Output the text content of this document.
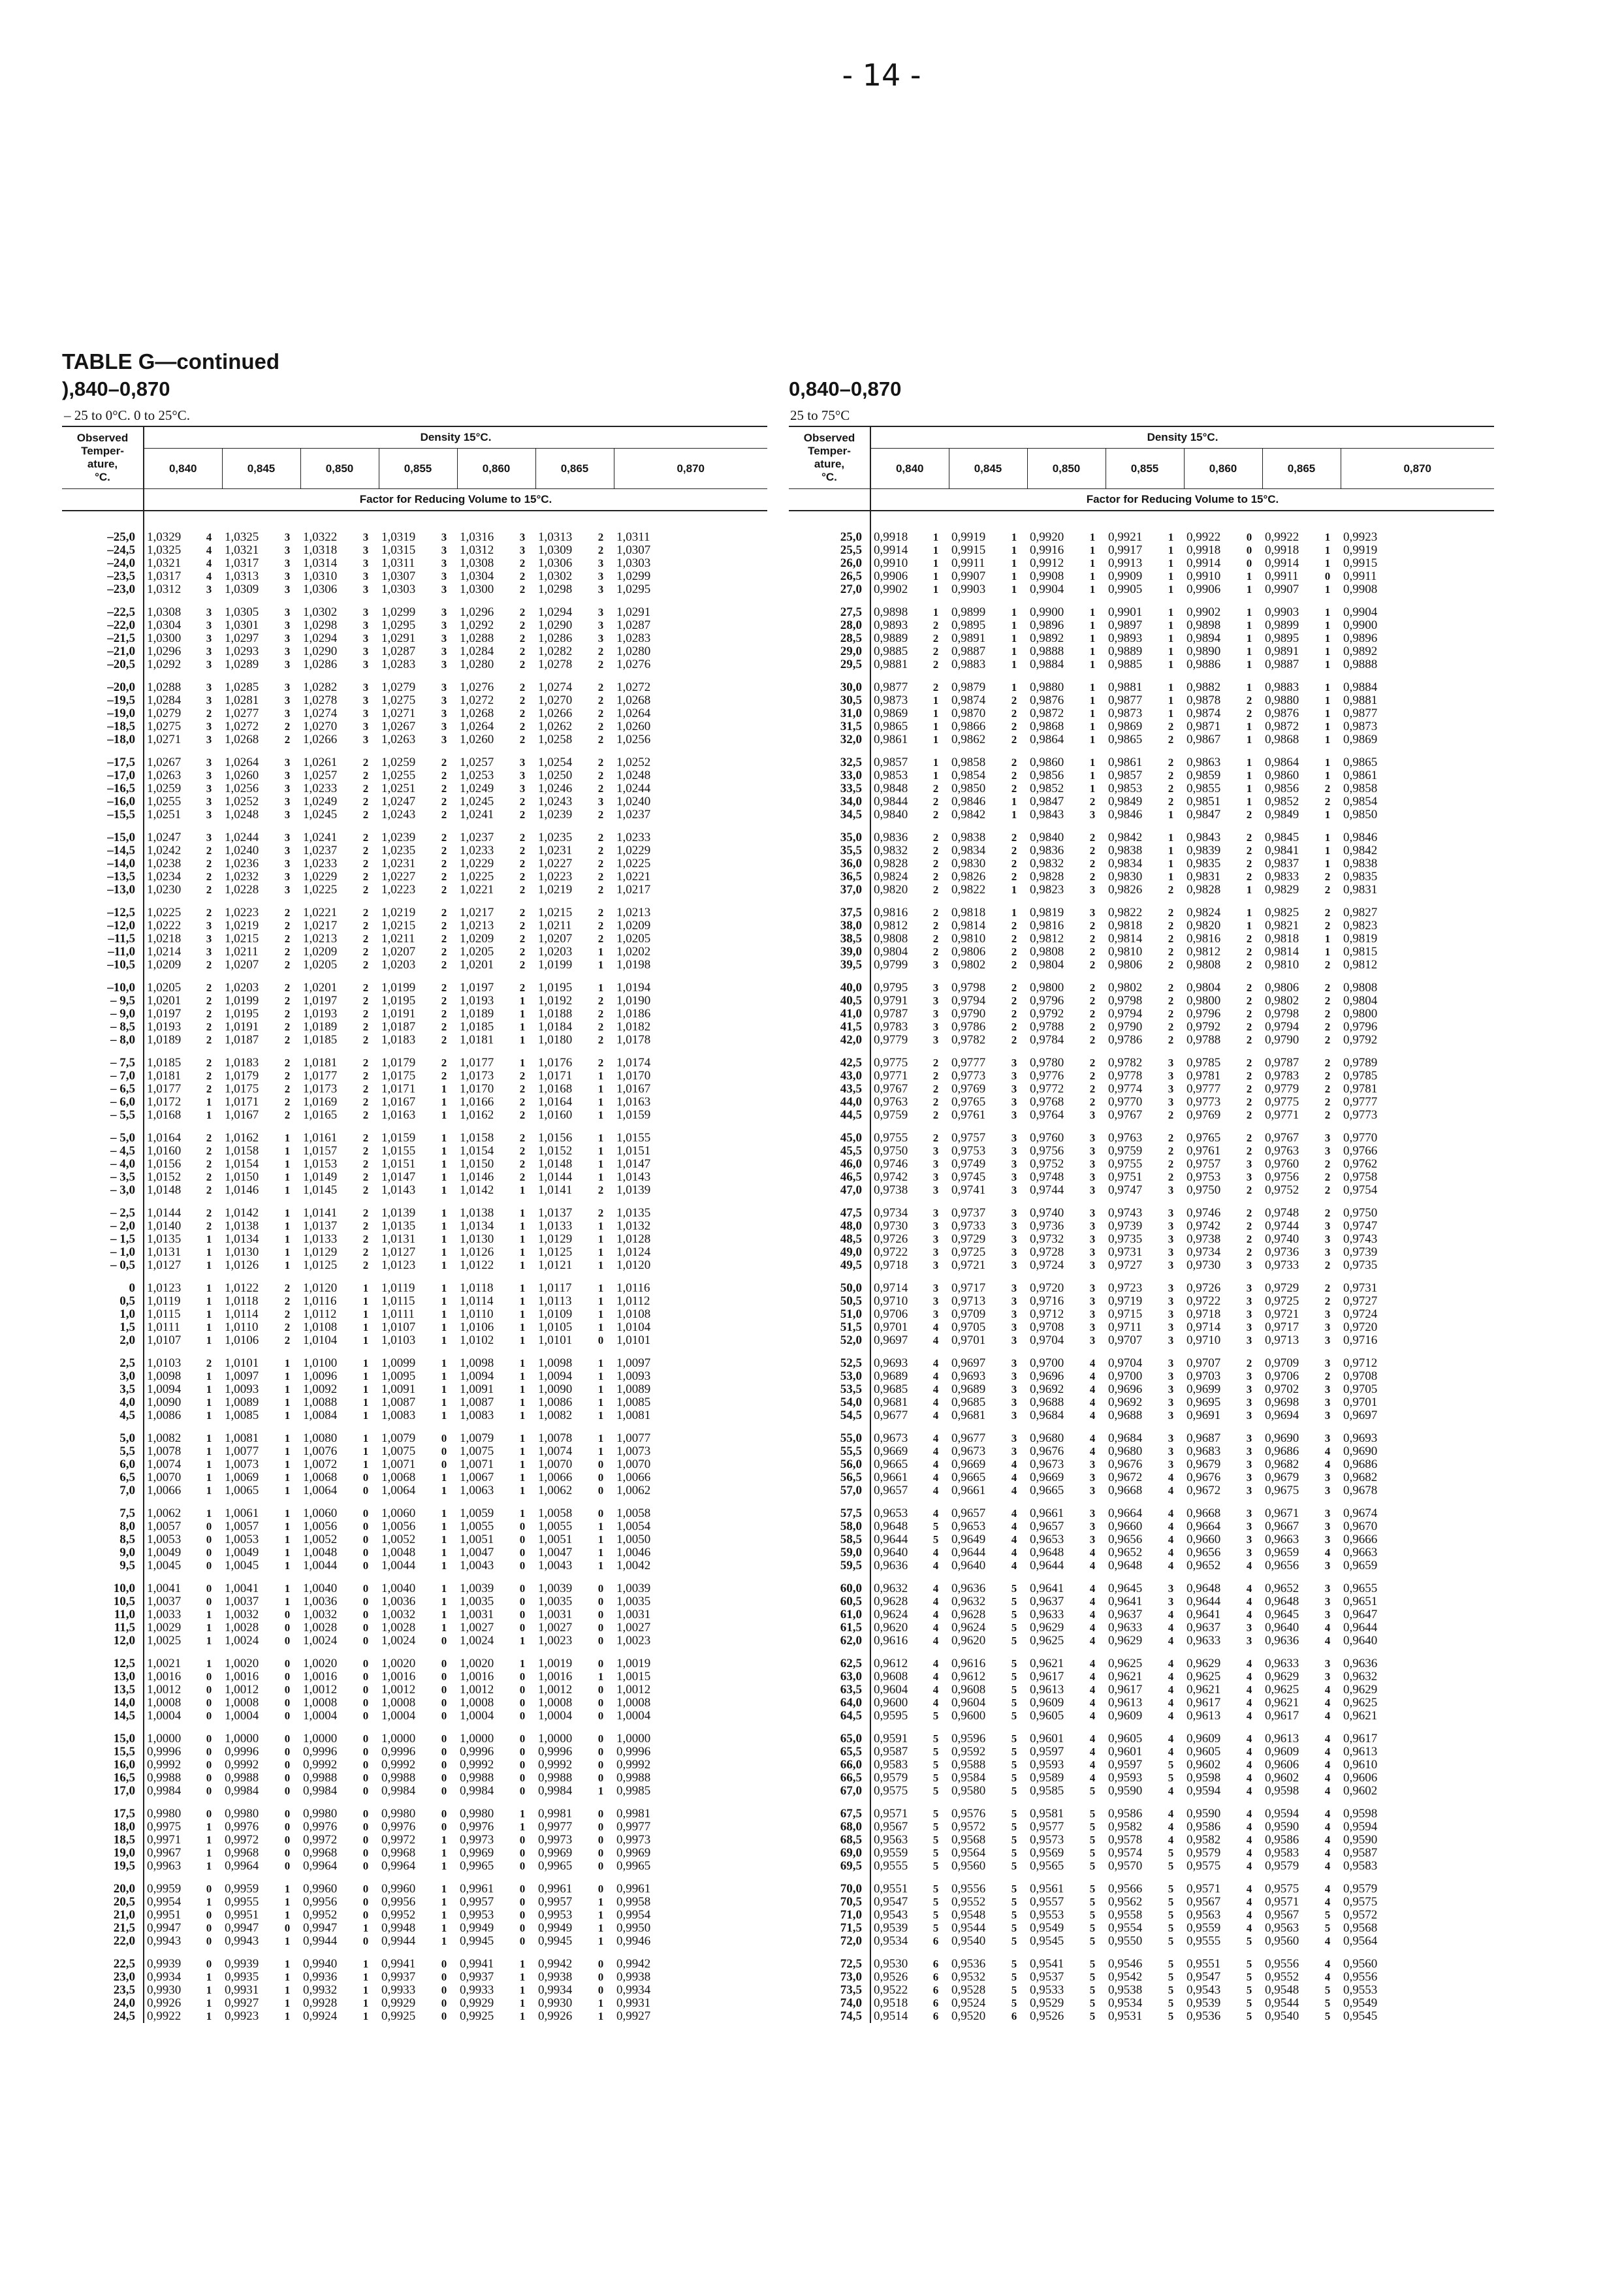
- 14 -
TABLE G—continued
),840–0,870
– 25 to 0°C. 0 to 25°C.
0,840–0,870
25 to 75°C
Observed
Temper-
ature,
°C.	Density 15°C.												
	0,840		0,845		0,850		0,855		0,860		0,865		0,870
	Factor for Reducing Volume to 15°C.												

–25,0	1,0329	4	1,0325	3	1,0322	3	1,0319	3	1,0316	3	1,0313	2	1,0311
–24,5	1,0325	4	1,0321	3	1,0318	3	1,0315	3	1,0312	3	1,0309	2	1,0307
–24,0	1,0321	4	1,0317	3	1,0314	3	1,0311	3	1,0308	2	1,0306	3	1,0303
–23,5	1,0317	4	1,0313	3	1,0310	3	1,0307	3	1,0304	2	1,0302	3	1,0299
–23,0	1,0312	3	1,0309	3	1,0306	3	1,0303	3	1,0300	2	1,0298	3	1,0295
–22,5	1,0308	3	1,0305	3	1,0302	3	1,0299	3	1,0296	2	1,0294	3	1,0291
–22,0	1,0304	3	1,0301	3	1,0298	3	1,0295	3	1,0292	2	1,0290	3	1,0287
–21,5	1,0300	3	1,0297	3	1,0294	3	1,0291	3	1,0288	2	1,0286	3	1,0283
–21,0	1,0296	3	1,0293	3	1,0290	3	1,0287	3	1,0284	2	1,0282	2	1,0280
–20,5	1,0292	3	1,0289	3	1,0286	3	1,0283	3	1,0280	2	1,0278	2	1,0276
–20,0	1,0288	3	1,0285	3	1,0282	3	1,0279	3	1,0276	2	1,0274	2	1,0272
–19,5	1,0284	3	1,0281	3	1,0278	3	1,0275	3	1,0272	2	1,0270	2	1,0268
–19,0	1,0279	2	1,0277	3	1,0274	3	1,0271	3	1,0268	2	1,0266	2	1,0264
–18,5	1,0275	3	1,0272	2	1,0270	3	1,0267	3	1,0264	2	1,0262	2	1,0260
–18,0	1,0271	3	1,0268	2	1,0266	3	1,0263	3	1,0260	2	1,0258	2	1,0256
–17,5	1,0267	3	1,0264	3	1,0261	2	1,0259	2	1,0257	3	1,0254	2	1,0252
–17,0	1,0263	3	1,0260	3	1,0257	2	1,0255	2	1,0253	3	1,0250	2	1,0248
–16,5	1,0259	3	1,0256	3	1,0233	2	1,0251	2	1,0249	3	1,0246	2	1,0244
–16,0	1,0255	3	1,0252	3	1,0249	2	1,0247	2	1,0245	2	1,0243	3	1,0240
–15,5	1,0251	3	1,0248	3	1,0245	2	1,0243	2	1,0241	2	1,0239	2	1,0237
–15,0	1,0247	3	1,0244	3	1,0241	2	1,0239	2	1,0237	2	1,0235	2	1,0233
–14,5	1,0242	2	1,0240	3	1,0237	2	1,0235	2	1,0233	2	1,0231	2	1,0229
–14,0	1,0238	2	1,0236	3	1,0233	2	1,0231	2	1,0229	2	1,0227	2	1,0225
–13,5	1,0234	2	1,0232	3	1,0229	2	1,0227	2	1,0225	2	1,0223	2	1,0221
–13,0	1,0230	2	1,0228	3	1,0225	2	1,0223	2	1,0221	2	1,0219	2	1,0217
–12,5	1,0225	2	1,0223	2	1,0221	2	1,0219	2	1,0217	2	1,0215	2	1,0213
–12,0	1,0222	3	1,0219	2	1,0217	2	1,0215	2	1,0213	2	1,0211	2	1,0209
–11,5	1,0218	3	1,0215	2	1,0213	2	1,0211	2	1,0209	2	1,0207	2	1,0205
–11,0	1,0214	3	1,0211	2	1,0209	2	1,0207	2	1,0205	2	1,0203	1	1,0202
–10,5	1,0209	2	1,0207	2	1,0205	2	1,0203	2	1,0201	2	1,0199	1	1,0198
–10,0	1,0205	2	1,0203	2	1,0201	2	1,0199	2	1,0197	2	1,0195	1	1,0194
– 9,5	1,0201	2	1,0199	2	1,0197	2	1,0195	2	1,0193	1	1,0192	2	1,0190
– 9,0	1,0197	2	1,0195	2	1,0193	2	1,0191	2	1,0189	1	1,0188	2	1,0186
– 8,5	1,0193	2	1,0191	2	1,0189	2	1,0187	2	1,0185	1	1,0184	2	1,0182
– 8,0	1,0189	2	1,0187	2	1,0185	2	1,0183	2	1,0181	1	1,0180	2	1,0178
– 7,5	1,0185	2	1,0183	2	1,0181	2	1,0179	2	1,0177	1	1,0176	2	1,0174
– 7,0	1,0181	2	1,0179	2	1,0177	2	1,0175	2	1,0173	2	1,0171	1	1,0170
– 6,5	1,0177	2	1,0175	2	1,0173	2	1,0171	1	1,0170	2	1,0168	1	1,0167
– 6,0	1,0172	1	1,0171	2	1,0169	2	1,0167	1	1,0166	2	1,0164	1	1,0163
– 5,5	1,0168	1	1,0167	2	1,0165	2	1,0163	1	1,0162	2	1,0160	1	1,0159
– 5,0	1,0164	2	1,0162	1	1,0161	2	1,0159	1	1,0158	2	1,0156	1	1,0155
– 4,5	1,0160	2	1,0158	1	1,0157	2	1,0155	1	1,0154	2	1,0152	1	1,0151
– 4,0	1,0156	2	1,0154	1	1,0153	2	1,0151	1	1,0150	2	1,0148	1	1,0147
– 3,5	1,0152	2	1,0150	1	1,0149	2	1,0147	1	1,0146	2	1,0144	1	1,0143
– 3,0	1,0148	2	1,0146	1	1,0145	2	1,0143	1	1,0142	1	1,0141	2	1,0139
– 2,5	1,0144	2	1,0142	1	1,0141	2	1,0139	1	1,0138	1	1,0137	2	1,0135
– 2,0	1,0140	2	1,0138	1	1,0137	2	1,0135	1	1,0134	1	1,0133	1	1,0132
– 1,5	1,0135	1	1,0134	1	1,0133	2	1,0131	1	1,0130	1	1,0129	1	1,0128
– 1,0	1,0131	1	1,0130	1	1,0129	2	1,0127	1	1,0126	1	1,0125	1	1,0124
– 0,5	1,0127	1	1,0126	1	1,0125	2	1,0123	1	1,0122	1	1,0121	1	1,0120
0	1,0123	1	1,0122	2	1,0120	1	1,0119	1	1,0118	1	1,0117	1	1,0116
0,5	1,0119	1	1,0118	2	1,0116	1	1,0115	1	1,0114	1	1,0113	1	1,0112
1,0	1,0115	1	1,0114	2	1,0112	1	1,0111	1	1,0110	1	1,0109	1	1,0108
1,5	1,0111	1	1,0110	2	1,0108	1	1,0107	1	1,0106	1	1,0105	1	1,0104
2,0	1,0107	1	1,0106	2	1,0104	1	1,0103	1	1,0102	1	1,0101	0	1,0101
2,5	1,0103	2	1,0101	1	1,0100	1	1,0099	1	1,0098	1	1,0098	1	1,0097
3,0	1,0098	1	1,0097	1	1,0096	1	1,0095	1	1,0094	1	1,0094	1	1,0093
3,5	1,0094	1	1,0093	1	1,0092	1	1,0091	1	1,0091	1	1,0090	1	1,0089
4,0	1,0090	1	1,0089	1	1,0088	1	1,0087	1	1,0087	1	1,0086	1	1,0085
4,5	1,0086	1	1,0085	1	1,0084	1	1,0083	1	1,0083	1	1,0082	1	1,0081
5,0	1,0082	1	1,0081	1	1,0080	1	1,0079	0	1,0079	1	1,0078	1	1,0077
5,5	1,0078	1	1,0077	1	1,0076	1	1,0075	0	1,0075	1	1,0074	1	1,0073
6,0	1,0074	1	1,0073	1	1,0072	1	1,0071	0	1,0071	1	1,0070	0	1,0070
6,5	1,0070	1	1,0069	1	1,0068	0	1,0068	1	1,0067	1	1,0066	0	1,0066
7,0	1,0066	1	1,0065	1	1,0064	0	1,0064	1	1,0063	1	1,0062	0	1,0062
7,5	1,0062	1	1,0061	1	1,0060	0	1,0060	1	1,0059	1	1,0058	0	1,0058
8,0	1,0057	0	1,0057	1	1,0056	0	1,0056	1	1,0055	0	1,0055	1	1,0054
8,5	1,0053	0	1,0053	1	1,0052	0	1,0052	1	1,0051	0	1,0051	1	1,0050
9,0	1,0049	0	1,0049	1	1,0048	0	1,0048	1	1,0047	0	1,0047	1	1,0046
9,5	1,0045	0	1,0045	1	1,0044	0	1,0044	1	1,0043	0	1,0043	1	1,0042
10,0	1,0041	0	1,0041	1	1,0040	0	1,0040	1	1,0039	0	1,0039	0	1,0039
10,5	1,0037	0	1,0037	1	1,0036	0	1,0036	1	1,0035	0	1,0035	0	1,0035
11,0	1,0033	1	1,0032	0	1,0032	0	1,0032	1	1,0031	0	1,0031	0	1,0031
11,5	1,0029	1	1,0028	0	1,0028	0	1,0028	1	1,0027	0	1,0027	0	1,0027
12,0	1,0025	1	1,0024	0	1,0024	0	1,0024	0	1,0024	1	1,0023	0	1,0023
12,5	1,0021	1	1,0020	0	1,0020	0	1,0020	0	1,0020	1	1,0019	0	1,0019
13,0	1,0016	0	1,0016	0	1,0016	0	1,0016	0	1,0016	0	1,0016	1	1,0015
13,5	1,0012	0	1,0012	0	1,0012	0	1,0012	0	1,0012	0	1,0012	0	1,0012
14,0	1,0008	0	1,0008	0	1,0008	0	1,0008	0	1,0008	0	1,0008	0	1,0008
14,5	1,0004	0	1,0004	0	1,0004	0	1,0004	0	1,0004	0	1,0004	0	1,0004
15,0	1,0000	0	1,0000	0	1,0000	0	1,0000	0	1,0000	0	1,0000	0	1,0000
15,5	0,9996	0	0,9996	0	0,9996	0	0,9996	0	0,9996	0	0,9996	0	0,9996
16,0	0,9992	0	0,9992	0	0,9992	0	0,9992	0	0,9992	0	0,9992	0	0,9992
16,5	0,9988	0	0,9988	0	0,9988	0	0,9988	0	0,9988	0	0,9988	0	0,9988
17,0	0,9984	0	0,9984	0	0,9984	0	0,9984	0	0,9984	0	0,9984	1	0,9985
17,5	0,9980	0	0,9980	0	0,9980	0	0,9980	0	0,9980	1	0,9981	0	0,9981
18,0	0,9975	1	0,9976	0	0,9976	0	0,9976	0	0,9976	1	0,9977	0	0,9977
18,5	0,9971	1	0,9972	0	0,9972	0	0,9972	1	0,9973	0	0,9973	0	0,9973
19,0	0,9967	1	0,9968	0	0,9968	0	0,9968	1	0,9969	0	0,9969	0	0,9969
19,5	0,9963	1	0,9964	0	0,9964	0	0,9964	1	0,9965	0	0,9965	0	0,9965
20,0	0,9959	0	0,9959	1	0,9960	0	0,9960	1	0,9961	0	0,9961	0	0,9961
20,5	0,9954	1	0,9955	1	0,9956	0	0,9956	1	0,9957	0	0,9957	1	0,9958
21,0	0,9951	0	0,9951	1	0,9952	0	0,9952	1	0,9953	0	0,9953	1	0,9954
21,5	0,9947	0	0,9947	0	0,9947	1	0,9948	1	0,9949	0	0,9949	1	0,9950
22,0	0,9943	0	0,9943	1	0,9944	0	0,9944	1	0,9945	0	0,9945	1	0,9946
22,5	0,9939	0	0,9939	1	0,9940	1	0,9941	0	0,9941	1	0,9942	0	0,9942
23,0	0,9934	1	0,9935	1	0,9936	1	0,9937	0	0,9937	1	0,9938	0	0,9938
23,5	0,9930	1	0,9931	1	0,9932	1	0,9933	0	0,9933	1	0,9934	0	0,9934
24,0	0,9926	1	0,9927	1	0,9928	1	0,9929	0	0,9929	1	0,9930	1	0,9931
24,5	0,9922	1	0,9923	1	0,9924	1	0,9925	0	0,9925	1	0,9926	1	0,9927
Observed
Temper-
ature,
°C.	Density 15°C.												
	0,840		0,845		0,850		0,855		0,860		0,865		0,870
	Factor for Reducing Volume to 15°C.												

25,0	0,9918	1	0,9919	1	0,9920	1	0,9921	1	0,9922	0	0,9922	1	0,9923
25,5	0,9914	1	0,9915	1	0,9916	1	0,9917	1	0,9918	0	0,9918	1	0,9919
26,0	0,9910	1	0,9911	1	0,9912	1	0,9913	1	0,9914	0	0,9914	1	0,9915
26,5	0,9906	1	0,9907	1	0,9908	1	0,9909	1	0,9910	1	0,9911	0	0,9911
27,0	0,9902	1	0,9903	1	0,9904	1	0,9905	1	0,9906	1	0,9907	1	0,9908
27,5	0,9898	1	0,9899	1	0,9900	1	0,9901	1	0,9902	1	0,9903	1	0,9904
28,0	0,9893	2	0,9895	1	0,9896	1	0,9897	1	0,9898	1	0,9899	1	0,9900
28,5	0,9889	2	0,9891	1	0,9892	1	0,9893	1	0,9894	1	0,9895	1	0,9896
29,0	0,9885	2	0,9887	1	0,9888	1	0,9889	1	0,9890	1	0,9891	1	0,9892
29,5	0,9881	2	0,9883	1	0,9884	1	0,9885	1	0,9886	1	0,9887	1	0,9888
30,0	0,9877	2	0,9879	1	0,9880	1	0,9881	1	0,9882	1	0,9883	1	0,9884
30,5	0,9873	1	0,9874	2	0,9876	1	0,9877	1	0,9878	2	0,9880	1	0,9881
31,0	0,9869	1	0,9870	2	0,9872	1	0,9873	1	0,9874	2	0,9876	1	0,9877
31,5	0,9865	1	0,9866	2	0,9868	1	0,9869	2	0,9871	1	0,9872	1	0,9873
32,0	0,9861	1	0,9862	2	0,9864	1	0,9865	2	0,9867	1	0,9868	1	0,9869
32,5	0,9857	1	0,9858	2	0,9860	1	0,9861	2	0,9863	1	0,9864	1	0,9865
33,0	0,9853	1	0,9854	2	0,9856	1	0,9857	2	0,9859	1	0,9860	1	0,9861
33,5	0,9848	2	0,9850	2	0,9852	1	0,9853	2	0,9855	1	0,9856	2	0,9858
34,0	0,9844	2	0,9846	1	0,9847	2	0,9849	2	0,9851	1	0,9852	2	0,9854
34,5	0,9840	2	0,9842	1	0,9843	3	0,9846	1	0,9847	2	0,9849	1	0,9850
35,0	0,9836	2	0,9838	2	0,9840	2	0,9842	1	0,9843	2	0,9845	1	0,9846
35,5	0,9832	2	0,9834	2	0,9836	2	0,9838	1	0,9839	2	0,9841	1	0,9842
36,0	0,9828	2	0,9830	2	0,9832	2	0,9834	1	0,9835	2	0,9837	1	0,9838
36,5	0,9824	2	0,9826	2	0,9828	2	0,9830	1	0,9831	2	0,9833	2	0,9835
37,0	0,9820	2	0,9822	1	0,9823	3	0,9826	2	0,9828	1	0,9829	2	0,9831
37,5	0,9816	2	0,9818	1	0,9819	3	0,9822	2	0,9824	1	0,9825	2	0,9827
38,0	0,9812	2	0,9814	2	0,9816	2	0,9818	2	0,9820	1	0,9821	2	0,9823
38,5	0,9808	2	0,9810	2	0,9812	2	0,9814	2	0,9816	2	0,9818	1	0,9819
39,0	0,9804	2	0,9806	2	0,9808	2	0,9810	2	0,9812	2	0,9814	1	0,9815
39,5	0,9799	3	0,9802	2	0,9804	2	0,9806	2	0,9808	2	0,9810	2	0,9812
40,0	0,9795	3	0,9798	2	0,9800	2	0,9802	2	0,9804	2	0,9806	2	0,9808
40,5	0,9791	3	0,9794	2	0,9796	2	0,9798	2	0,9800	2	0,9802	2	0,9804
41,0	0,9787	3	0,9790	2	0,9792	2	0,9794	2	0,9796	2	0,9798	2	0,9800
41,5	0,9783	3	0,9786	2	0,9788	2	0,9790	2	0,9792	2	0,9794	2	0,9796
42,0	0,9779	3	0,9782	2	0,9784	2	0,9786	2	0,9788	2	0,9790	2	0,9792
42,5	0,9775	2	0,9777	3	0,9780	2	0,9782	3	0,9785	2	0,9787	2	0,9789
43,0	0,9771	2	0,9773	3	0,9776	2	0,9778	3	0,9781	2	0,9783	2	0,9785
43,5	0,9767	2	0,9769	3	0,9772	2	0,9774	3	0,9777	2	0,9779	2	0,9781
44,0	0,9763	2	0,9765	3	0,9768	2	0,9770	3	0,9773	2	0,9775	2	0,9777
44,5	0,9759	2	0,9761	3	0,9764	3	0,9767	2	0,9769	2	0,9771	2	0,9773
45,0	0,9755	2	0,9757	3	0,9760	3	0,9763	2	0,9765	2	0,9767	3	0,9770
45,5	0,9750	3	0,9753	3	0,9756	3	0,9759	2	0,9761	2	0,9763	3	0,9766
46,0	0,9746	3	0,9749	3	0,9752	3	0,9755	2	0,9757	3	0,9760	2	0,9762
46,5	0,9742	3	0,9745	3	0,9748	3	0,9751	2	0,9753	3	0,9756	2	0,9758
47,0	0,9738	3	0,9741	3	0,9744	3	0,9747	3	0,9750	2	0,9752	2	0,9754
47,5	0,9734	3	0,9737	3	0,9740	3	0,9743	3	0,9746	2	0,9748	2	0,9750
48,0	0,9730	3	0,9733	3	0,9736	3	0,9739	3	0,9742	2	0,9744	3	0,9747
48,5	0,9726	3	0,9729	3	0,9732	3	0,9735	3	0,9738	2	0,9740	3	0,9743
49,0	0,9722	3	0,9725	3	0,9728	3	0,9731	3	0,9734	2	0,9736	3	0,9739
49,5	0,9718	3	0,9721	3	0,9724	3	0,9727	3	0,9730	3	0,9733	2	0,9735
50,0	0,9714	3	0,9717	3	0,9720	3	0,9723	3	0,9726	3	0,9729	2	0,9731
50,5	0,9710	3	0,9713	3	0,9716	3	0,9719	3	0,9722	3	0,9725	2	0,9727
51,0	0,9706	3	0,9709	3	0,9712	3	0,9715	3	0,9718	3	0,9721	3	0,9724
51,5	0,9701	4	0,9705	3	0,9708	3	0,9711	3	0,9714	3	0,9717	3	0,9720
52,0	0,9697	4	0,9701	3	0,9704	3	0,9707	3	0,9710	3	0,9713	3	0,9716
52,5	0,9693	4	0,9697	3	0,9700	4	0,9704	3	0,9707	2	0,9709	3	0,9712
53,0	0,9689	4	0,9693	3	0,9696	4	0,9700	3	0,9703	3	0,9706	2	0,9708
53,5	0,9685	4	0,9689	3	0,9692	4	0,9696	3	0,9699	3	0,9702	3	0,9705
54,0	0,9681	4	0,9685	3	0,9688	4	0,9692	3	0,9695	3	0,9698	3	0,9701
54,5	0,9677	4	0,9681	3	0,9684	4	0,9688	3	0,9691	3	0,9694	3	0,9697
55,0	0,9673	4	0,9677	3	0,9680	4	0,9684	3	0,9687	3	0,9690	3	0,9693
55,5	0,9669	4	0,9673	3	0,9676	4	0,9680	3	0,9683	3	0,9686	4	0,9690
56,0	0,9665	4	0,9669	4	0,9673	3	0,9676	3	0,9679	3	0,9682	4	0,9686
56,5	0,9661	4	0,9665	4	0,9669	3	0,9672	4	0,9676	3	0,9679	3	0,9682
57,0	0,9657	4	0,9661	4	0,9665	3	0,9668	4	0,9672	3	0,9675	3	0,9678
57,5	0,9653	4	0,9657	4	0,9661	3	0,9664	4	0,9668	3	0,9671	3	0,9674
58,0	0,9648	5	0,9653	4	0,9657	3	0,9660	4	0,9664	3	0,9667	3	0,9670
58,5	0,9644	5	0,9649	4	0,9653	3	0,9656	4	0,9660	3	0,9663	3	0,9666
59,0	0,9640	4	0,9644	4	0,9648	4	0,9652	4	0,9656	3	0,9659	4	0,9663
59,5	0,9636	4	0,9640	4	0,9644	4	0,9648	4	0,9652	4	0,9656	3	0,9659
60,0	0,9632	4	0,9636	5	0,9641	4	0,9645	3	0,9648	4	0,9652	3	0,9655
60,5	0,9628	4	0,9632	5	0,9637	4	0,9641	3	0,9644	4	0,9648	3	0,9651
61,0	0,9624	4	0,9628	5	0,9633	4	0,9637	4	0,9641	4	0,9645	3	0,9647
61,5	0,9620	4	0,9624	5	0,9629	4	0,9633	4	0,9637	3	0,9640	4	0,9644
62,0	0,9616	4	0,9620	5	0,9625	4	0,9629	4	0,9633	3	0,9636	4	0,9640
62,5	0,9612	4	0,9616	5	0,9621	4	0,9625	4	0,9629	4	0,9633	3	0,9636
63,0	0,9608	4	0,9612	5	0,9617	4	0,9621	4	0,9625	4	0,9629	3	0,9632
63,5	0,9604	4	0,9608	5	0,9613	4	0,9617	4	0,9621	4	0,9625	4	0,9629
64,0	0,9600	4	0,9604	5	0,9609	4	0,9613	4	0,9617	4	0,9621	4	0,9625
64,5	0,9595	5	0,9600	5	0,9605	4	0,9609	4	0,9613	4	0,9617	4	0,9621
65,0	0,9591	5	0,9596	5	0,9601	4	0,9605	4	0,9609	4	0,9613	4	0,9617
65,5	0,9587	5	0,9592	5	0,9597	4	0,9601	4	0,9605	4	0,9609	4	0,9613
66,0	0,9583	5	0,9588	5	0,9593	4	0,9597	5	0,9602	4	0,9606	4	0,9610
66,5	0,9579	5	0,9584	5	0,9589	4	0,9593	5	0,9598	4	0,9602	4	0,9606
67,0	0,9575	5	0,9580	5	0,9585	5	0,9590	4	0,9594	4	0,9598	4	0,9602
67,5	0,9571	5	0,9576	5	0,9581	5	0,9586	4	0,9590	4	0,9594	4	0,9598
68,0	0,9567	5	0,9572	5	0,9577	5	0,9582	4	0,9586	4	0,9590	4	0,9594
68,5	0,9563	5	0,9568	5	0,9573	5	0,9578	4	0,9582	4	0,9586	4	0,9590
69,0	0,9559	5	0,9564	5	0,9569	5	0,9574	5	0,9579	4	0,9583	4	0,9587
69,5	0,9555	5	0,9560	5	0,9565	5	0,9570	5	0,9575	4	0,9579	4	0,9583
70,0	0,9551	5	0,9556	5	0,9561	5	0,9566	5	0,9571	4	0,9575	4	0,9579
70,5	0,9547	5	0,9552	5	0,9557	5	0,9562	5	0,9567	4	0,9571	4	0,9575
71,0	0,9543	5	0,9548	5	0,9553	5	0,9558	5	0,9563	4	0,9567	5	0,9572
71,5	0,9539	5	0,9544	5	0,9549	5	0,9554	5	0,9559	4	0,9563	5	0,9568
72,0	0,9534	6	0,9540	5	0,9545	5	0,9550	5	0,9555	5	0,9560	4	0,9564
72,5	0,9530	6	0,9536	5	0,9541	5	0,9546	5	0,9551	5	0,9556	4	0,9560
73,0	0,9526	6	0,9532	5	0,9537	5	0,9542	5	0,9547	5	0,9552	4	0,9556
73,5	0,9522	6	0,9528	5	0,9533	5	0,9538	5	0,9543	5	0,9548	5	0,9553
74,0	0,9518	6	0,9524	5	0,9529	5	0,9534	5	0,9539	5	0,9544	5	0,9549
74,5	0,9514	6	0,9520	6	0,9526	5	0,9531	5	0,9536	5	0,9540	5	0,9545
